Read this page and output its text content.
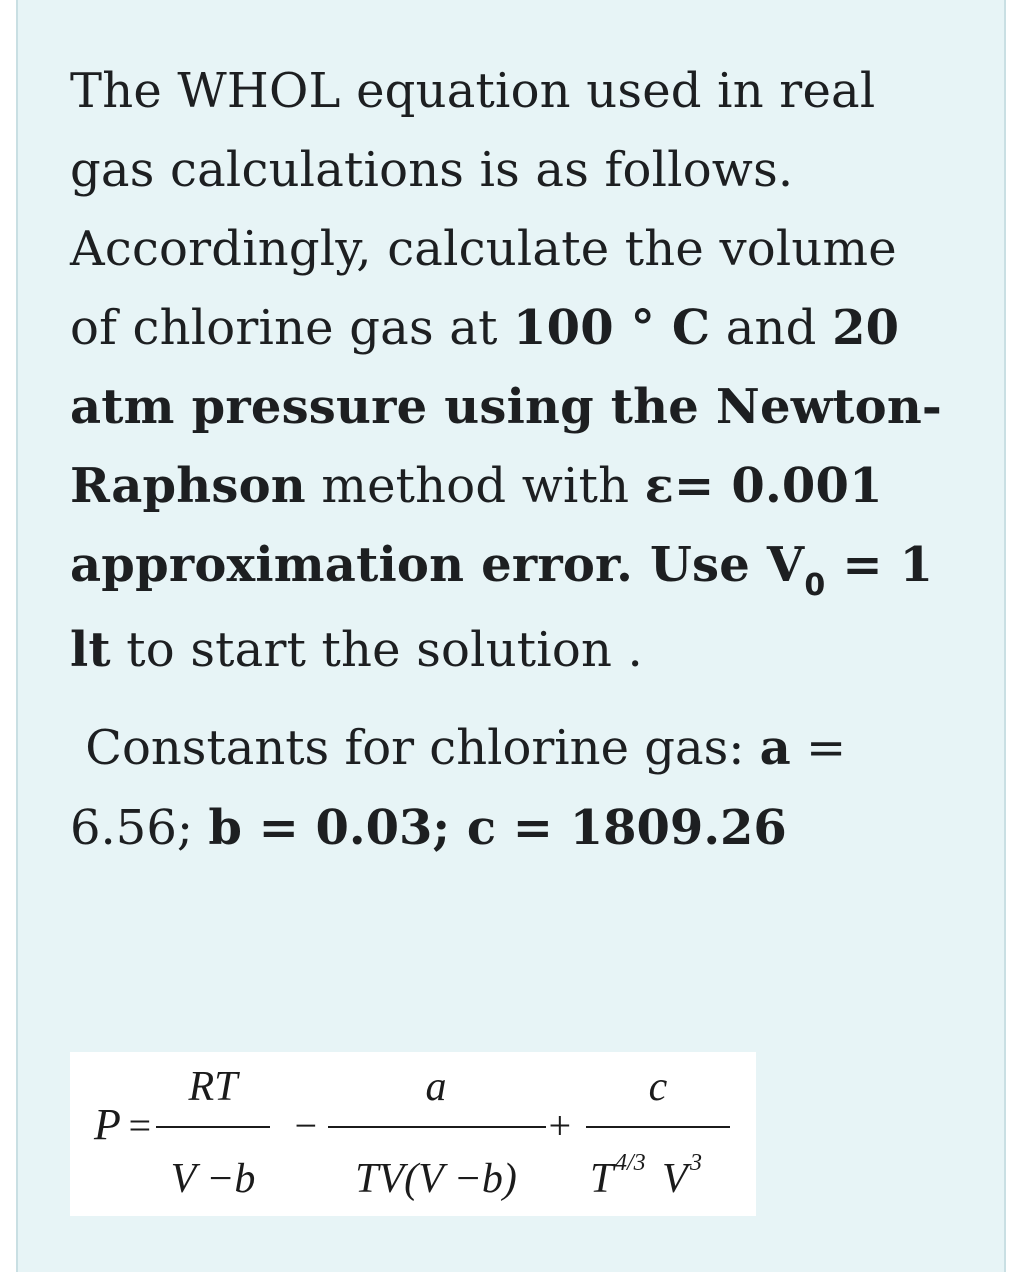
The WHOL equation used in real gas calculations is as follows. Accordingly, calculate the volume of chlorine gas at 100 ° C and 20 atm pressure using the Newton-Raphson method with ε= 0.001 approximation error. Use $V_0 = 1$ lt to start the solution .
Constants for chlorine gas: a = 6.56; b = 0.03; c = 1809.26
P =
RT
V −b
−
a
TV(V −b)
+
c
T 4/3 V 3
